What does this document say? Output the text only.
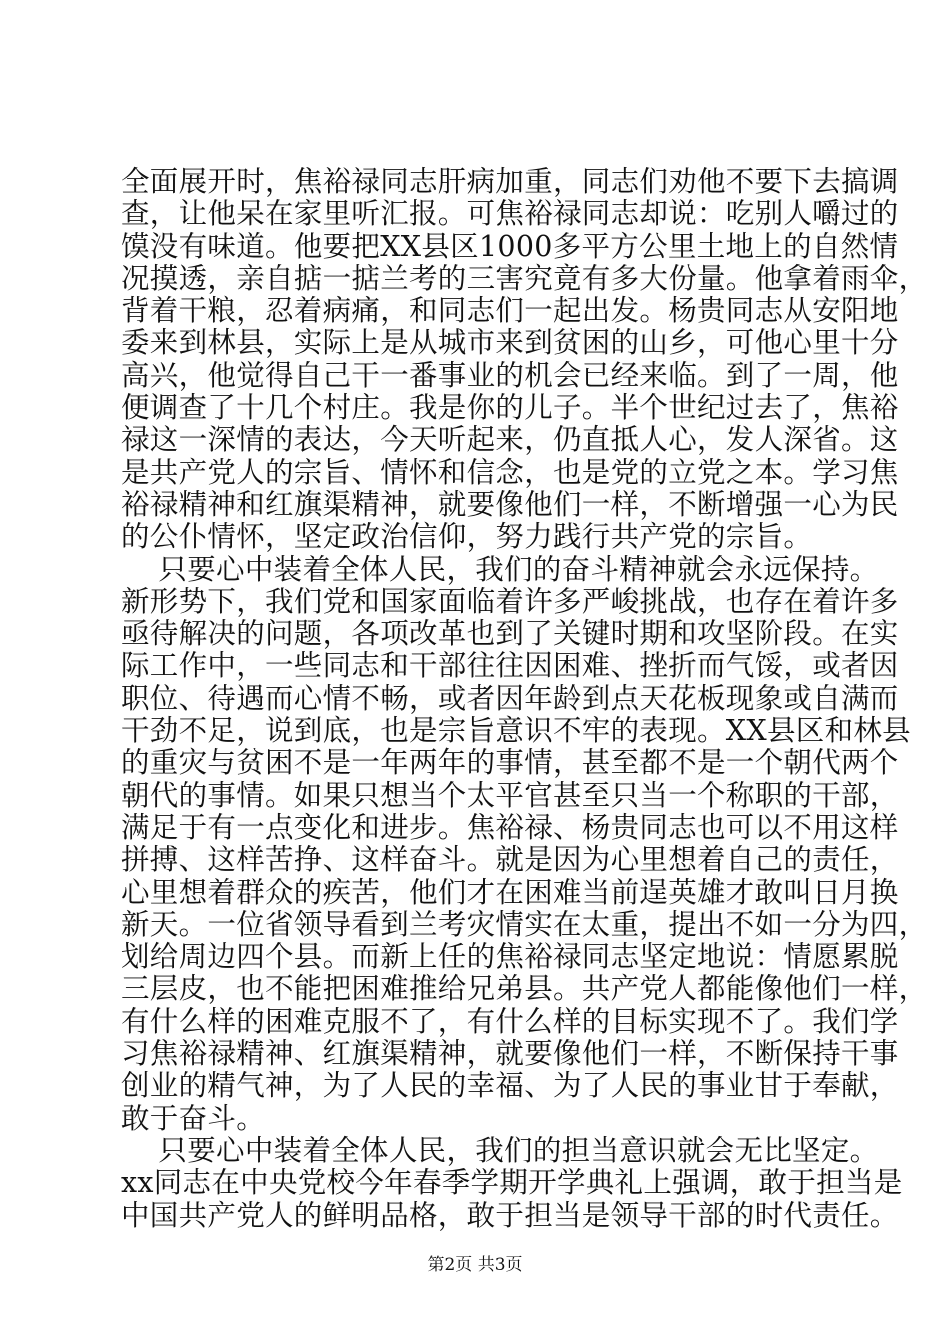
全面展开时，焦裕禄同志肝病加重，同志们劝他不要下去搞调
查，让他呆在家里听汇报。可焦裕禄同志却说：吃别人嚼过的
馍没有味道。他要把XX县区1000多平方公里土地上的自然情
况摸透，亲自掂一掂兰考的三害究竟有多大份量。他拿着雨伞，
背着干粮，忍着病痛，和同志们一起出发。杨贵同志从安阳地
委来到林县，实际上是从城市来到贫困的山乡，可他心里十分
高兴，他觉得自己干一番事业的机会已经来临。到了一周，他
便调查了十几个村庄。我是你的儿子。半个世纪过去了，焦裕
禄这一深情的表达，今天听起来，仍直抵人心，发人深省。这
是共产党人的宗旨、情怀和信念，也是党的立党之本。学习焦
裕禄精神和红旗渠精神，就要像他们一样，不断增强一心为民
的公仆情怀，坚定政治信仰，努力践行共产党的宗旨。
只要心中装着全体人民，我们的奋斗精神就会永远保持。
新形势下，我们党和国家面临着许多严峻挑战，也存在着许多
亟待解决的问题，各项改革也到了关键时期和攻坚阶段。在实
际工作中，一些同志和干部往往因困难、挫折而气馁，或者因
职位、待遇而心情不畅，或者因年龄到点天花板现象或自满而
干劲不足，说到底，也是宗旨意识不牢的表现。XX县区和林县
的重灾与贫困不是一年两年的事情，甚至都不是一个朝代两个
朝代的事情。如果只想当个太平官甚至只当一个称职的干部，
满足于有一点变化和进步。焦裕禄、杨贵同志也可以不用这样
拼搏、这样苦挣、这样奋斗。就是因为心里想着自己的责任，
心里想着群众的疾苦，他们才在困难当前逞英雄才敢叫日月换
新天。一位省领导看到兰考灾情实在太重，提出不如一分为四，
划给周边四个县。而新上任的焦裕禄同志坚定地说：情愿累脱
三层皮，也不能把困难推给兄弟县。共产党人都能像他们一样，
有什么样的困难克服不了，有什么样的目标实现不了。我们学
习焦裕禄精神、红旗渠精神，就要像他们一样，不断保持干事
创业的精气神，为了人民的幸福、为了人民的事业甘于奉献，
敢于奋斗。
只要心中装着全体人民，我们的担当意识就会无比坚定。
xx同志在中央党校今年春季学期开学典礼上强调，敢于担当是
中国共产党人的鲜明品格，敢于担当是领导干部的时代责任。
第2页 共3页
